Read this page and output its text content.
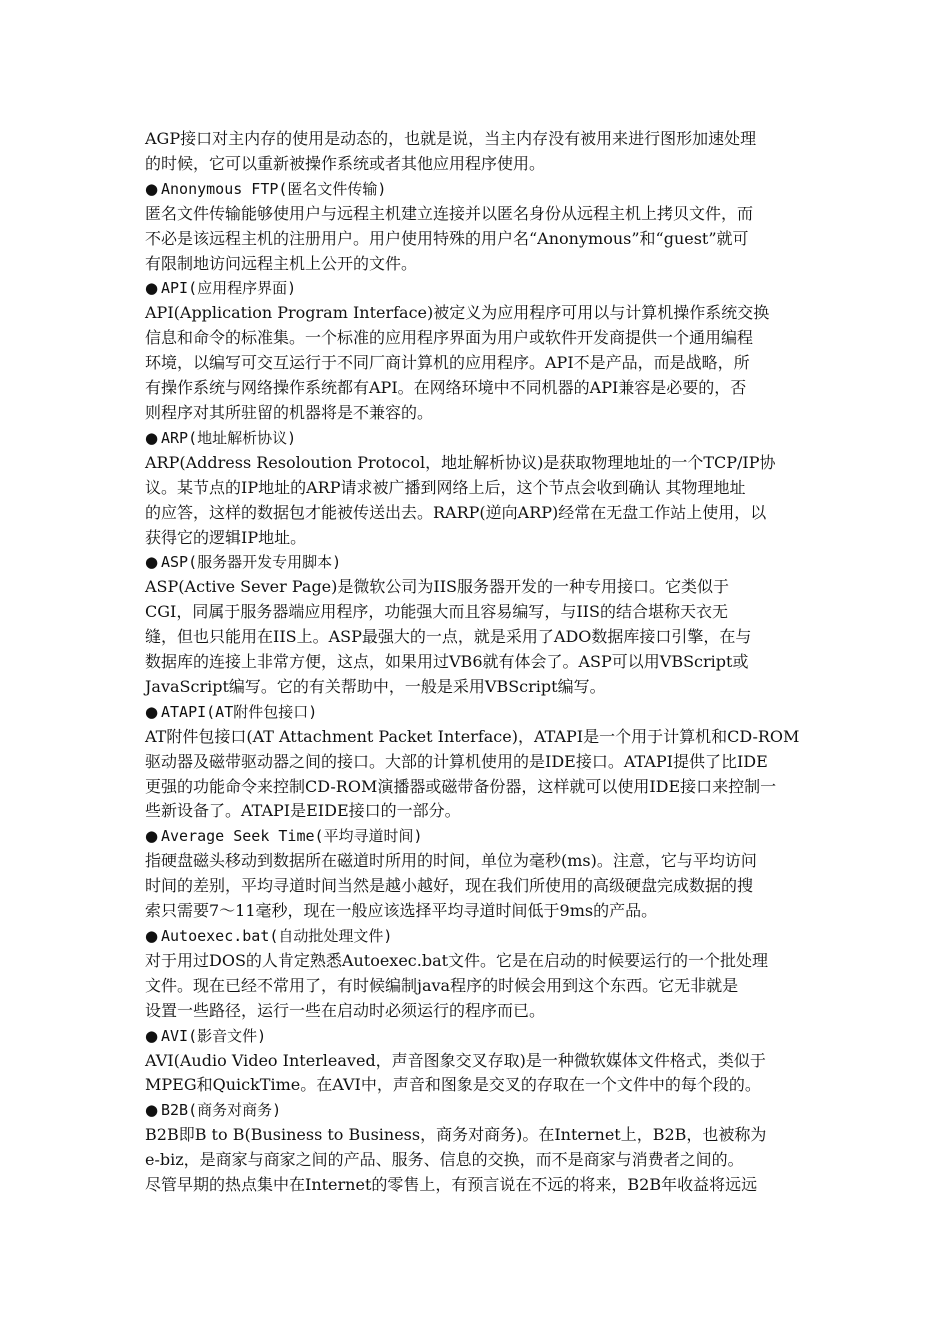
AGP接口对主内存的使用是动态的，也就是说，当主内存没有被用来进行图形加速处理

的时候，它可以重新被操作系统或者其他应用程序使用。

● Anonymous FTP(匿名文件传输)

匿名文件传输能够使用户与远程主机建立连接并以匿名身份从远程主机上拷贝文件，而

不必是该远程主机的注册用户。用户使用特殊的用户名“Anonymous”和“guest”就可

有限制地访问远程主机上公开的文件。

● API(应用程序界面)

API(Application Program Interface)被定义为应用程序可用以与计算机操作系统交换

信息和命令的标准集。一个标准的应用程序界面为用户或软件开发商提供一个通用编程

环境，以编写可交互运行于不同厂商计算机的应用程序。API不是产品，而是战略，所

有操作系统与网络操作系统都有API。在网络环境中不同机器的API兼容是必要的，否

则程序对其所驻留的机器将是不兼容的。

● ARP(地址解析协议)

ARP(Address Resoloution Protocol，地址解析协议)是获取物理地址的一个TCP/IP协

议。某节点的IP地址的ARP请求被广播到网络上后，这个节点会收到确认 其物理地址

的应答，这样的数据包才能被传送出去。RARP(逆向ARP)经常在无盘工作站上使用，以

获得它的逻辑IP地址。

● ASP(服务器开发专用脚本)

ASP(Active Sever Page)是微软公司为IIS服务器开发的一种专用接口。它类似于

CGI，同属于服务器端应用程序，功能强大而且容易编写，与IIS的结合堪称天衣无

缝，但也只能用在IIS上。ASP最强大的一点，就是采用了ADO数据库接口引擎，在与

数据库的连接上非常方便，这点，如果用过VB6就有体会了。ASP可以用VBScript或

JavaScript编写。它的有关帮助中，一般是采用VBScript编写。

● ATAPI(AT附件包接口)

AT附件包接口(AT Attachment Packet Interface)，ATAPI是一个用于计算机和CD-ROM

驱动器及磁带驱动器之间的接口。大部的计算机使用的是IDE接口。ATAPI提供了比IDE

更强的功能命令来控制CD-ROM演播器或磁带备份器，这样就可以使用IDE接口来控制一

些新设备了。ATAPI是EIDE接口的一部分。

● Average Seek Time(平均寻道时间)

指硬盘磁头移动到数据所在磁道时所用的时间，单位为毫秒(ms)。注意，它与平均访问

时间的差别，平均寻道时间当然是越小越好，现在我们所使用的高级硬盘完成数据的搜

索只需要7～11毫秒，现在一般应该选择平均寻道时间低于9ms的产品。

● Autoexec.bat(自动批处理文件)

对于用过DOS的人肯定熟悉Autoexec.bat文件。它是在启动的时候要运行的一个批处理

文件。现在已经不常用了，有时候编制java程序的时候会用到这个东西。它无非就是

设置一些路径，运行一些在启动时必须运行的程序而已。

● AVI(影音文件)

AVI(Audio Video Interleaved，声音图象交叉存取)是一种微软媒体文件格式，类似于

MPEG和QuickTime。在AVI中，声音和图象是交叉的存取在一个文件中的每个段的。

● B2B(商务对商务)

B2B即B to B(Business to Business，商务对商务)。在Internet上，B2B，也被称为

e-biz，是商家与商家之间的产品、服务、信息的交换，而不是商家与消费者之间的。

尽管早期的热点集中在Internet的零售上，有预言说在不远的将来，B2B年收益将远远
